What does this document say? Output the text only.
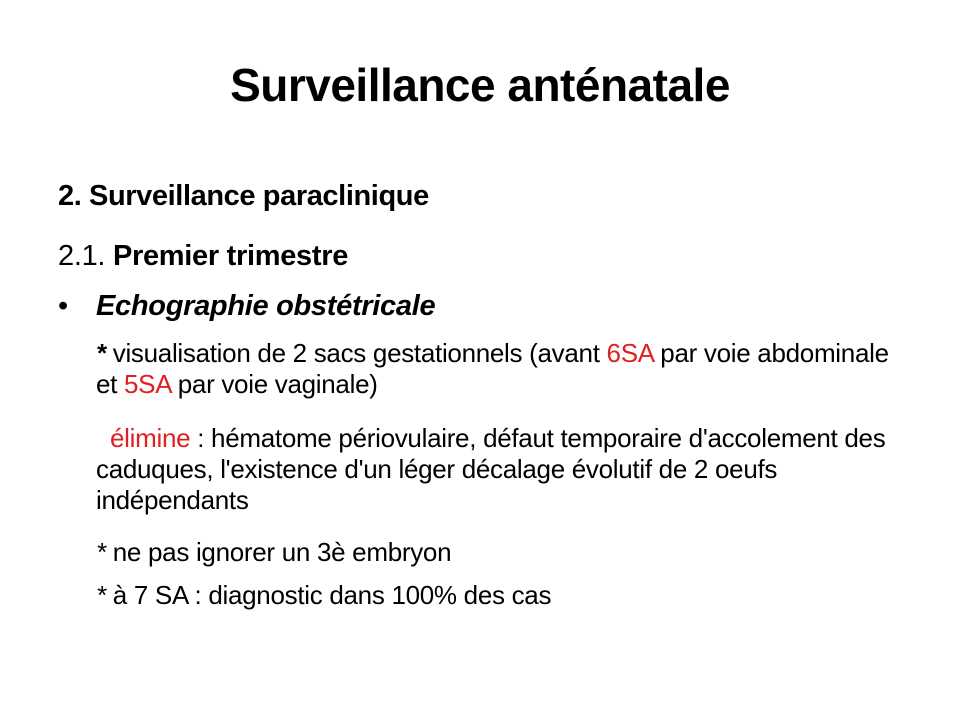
Surveillance anténatale

2. Surveillance paraclinique

2.1. Premier trimestre

• Echographie obstétricale

* visualisation de 2 sacs gestationnels (avant 6SA par voie abdominale et 5SA par voie vaginale)

élimine : hématome périovulaire, défaut temporaire d'accolement des caduques, l'existence d'un léger décalage évolutif de 2 oeufs indépendants

* ne pas ignorer un 3è embryon

* à 7 SA : diagnostic dans 100% des cas
